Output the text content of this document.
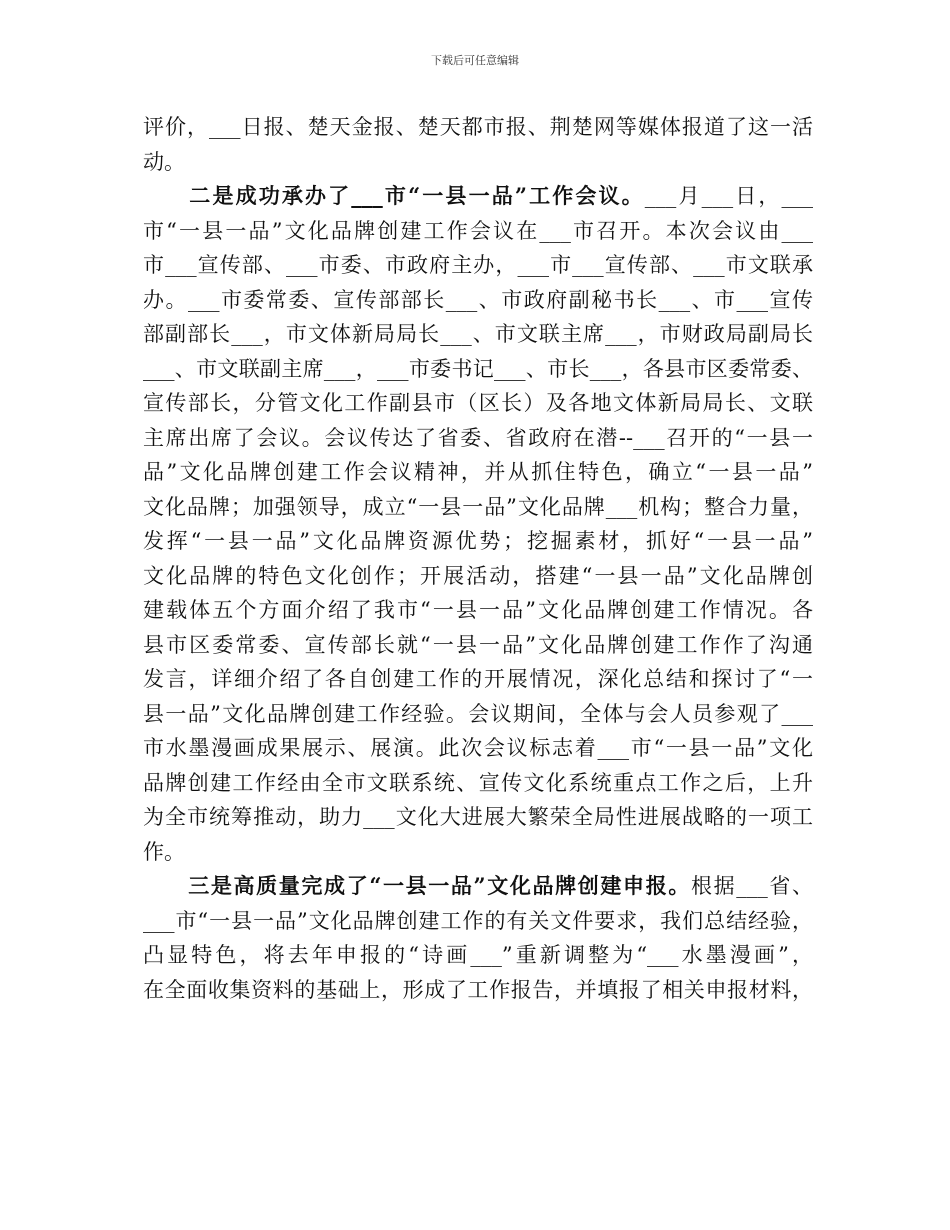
下载后可任意编辑
评价，___日报、楚天金报、楚天都市报、荆楚网等媒体报道了这一活
动。
　　二是成功承办了___市“一县一品”工作会议。___月___日，___
市“一县一品”文化品牌创建工作会议在___市召开。本次会议由___
市___宣传部、___市委、市政府主办，___市___宣传部、___市文联承
办。___市委常委、宣传部部长___、市政府副秘书长___、市___宣传
部副部长___，市文体新局局长___、市文联主席___，市财政局副局长
___、市文联副主席___，___市委书记___、市长___，各县市区委常委、
宣传部长，分管文化工作副县市（区长）及各地文体新局局长、文联
主席出席了会议。会议传达了省委、省政府在潜--___召开的“一县一
品”文化品牌创建工作会议精神，并从抓住特色，确立“一县一品”
文化品牌；加强领导，成立“一县一品”文化品牌___机构；整合力量，
发挥“一县一品”文化品牌资源优势；挖掘素材，抓好“一县一品”
文化品牌的特色文化创作；开展活动，搭建“一县一品”文化品牌创
建载体五个方面介绍了我市“一县一品”文化品牌创建工作情况。各
县市区委常委、宣传部长就“一县一品”文化品牌创建工作作了沟通
发言，详细介绍了各自创建工作的开展情况，深化总结和探讨了“一
县一品”文化品牌创建工作经验。会议期间，全体与会人员参观了___
市水墨漫画成果展示、展演。此次会议标志着___市“一县一品”文化
品牌创建工作经由全市文联系统、宣传文化系统重点工作之后，上升
为全市统筹推动，助力___文化大进展大繁荣全局性进展战略的一项工
作。
　　三是高质量完成了“一县一品”文化品牌创建申报。根据___省、
___市“一县一品”文化品牌创建工作的有关文件要求，我们总结经验，
凸显特色，将去年申报的“诗画___”重新调整为“___水墨漫画”，
在全面收集资料的基础上，形成了工作报告，并填报了相关申报材料，
